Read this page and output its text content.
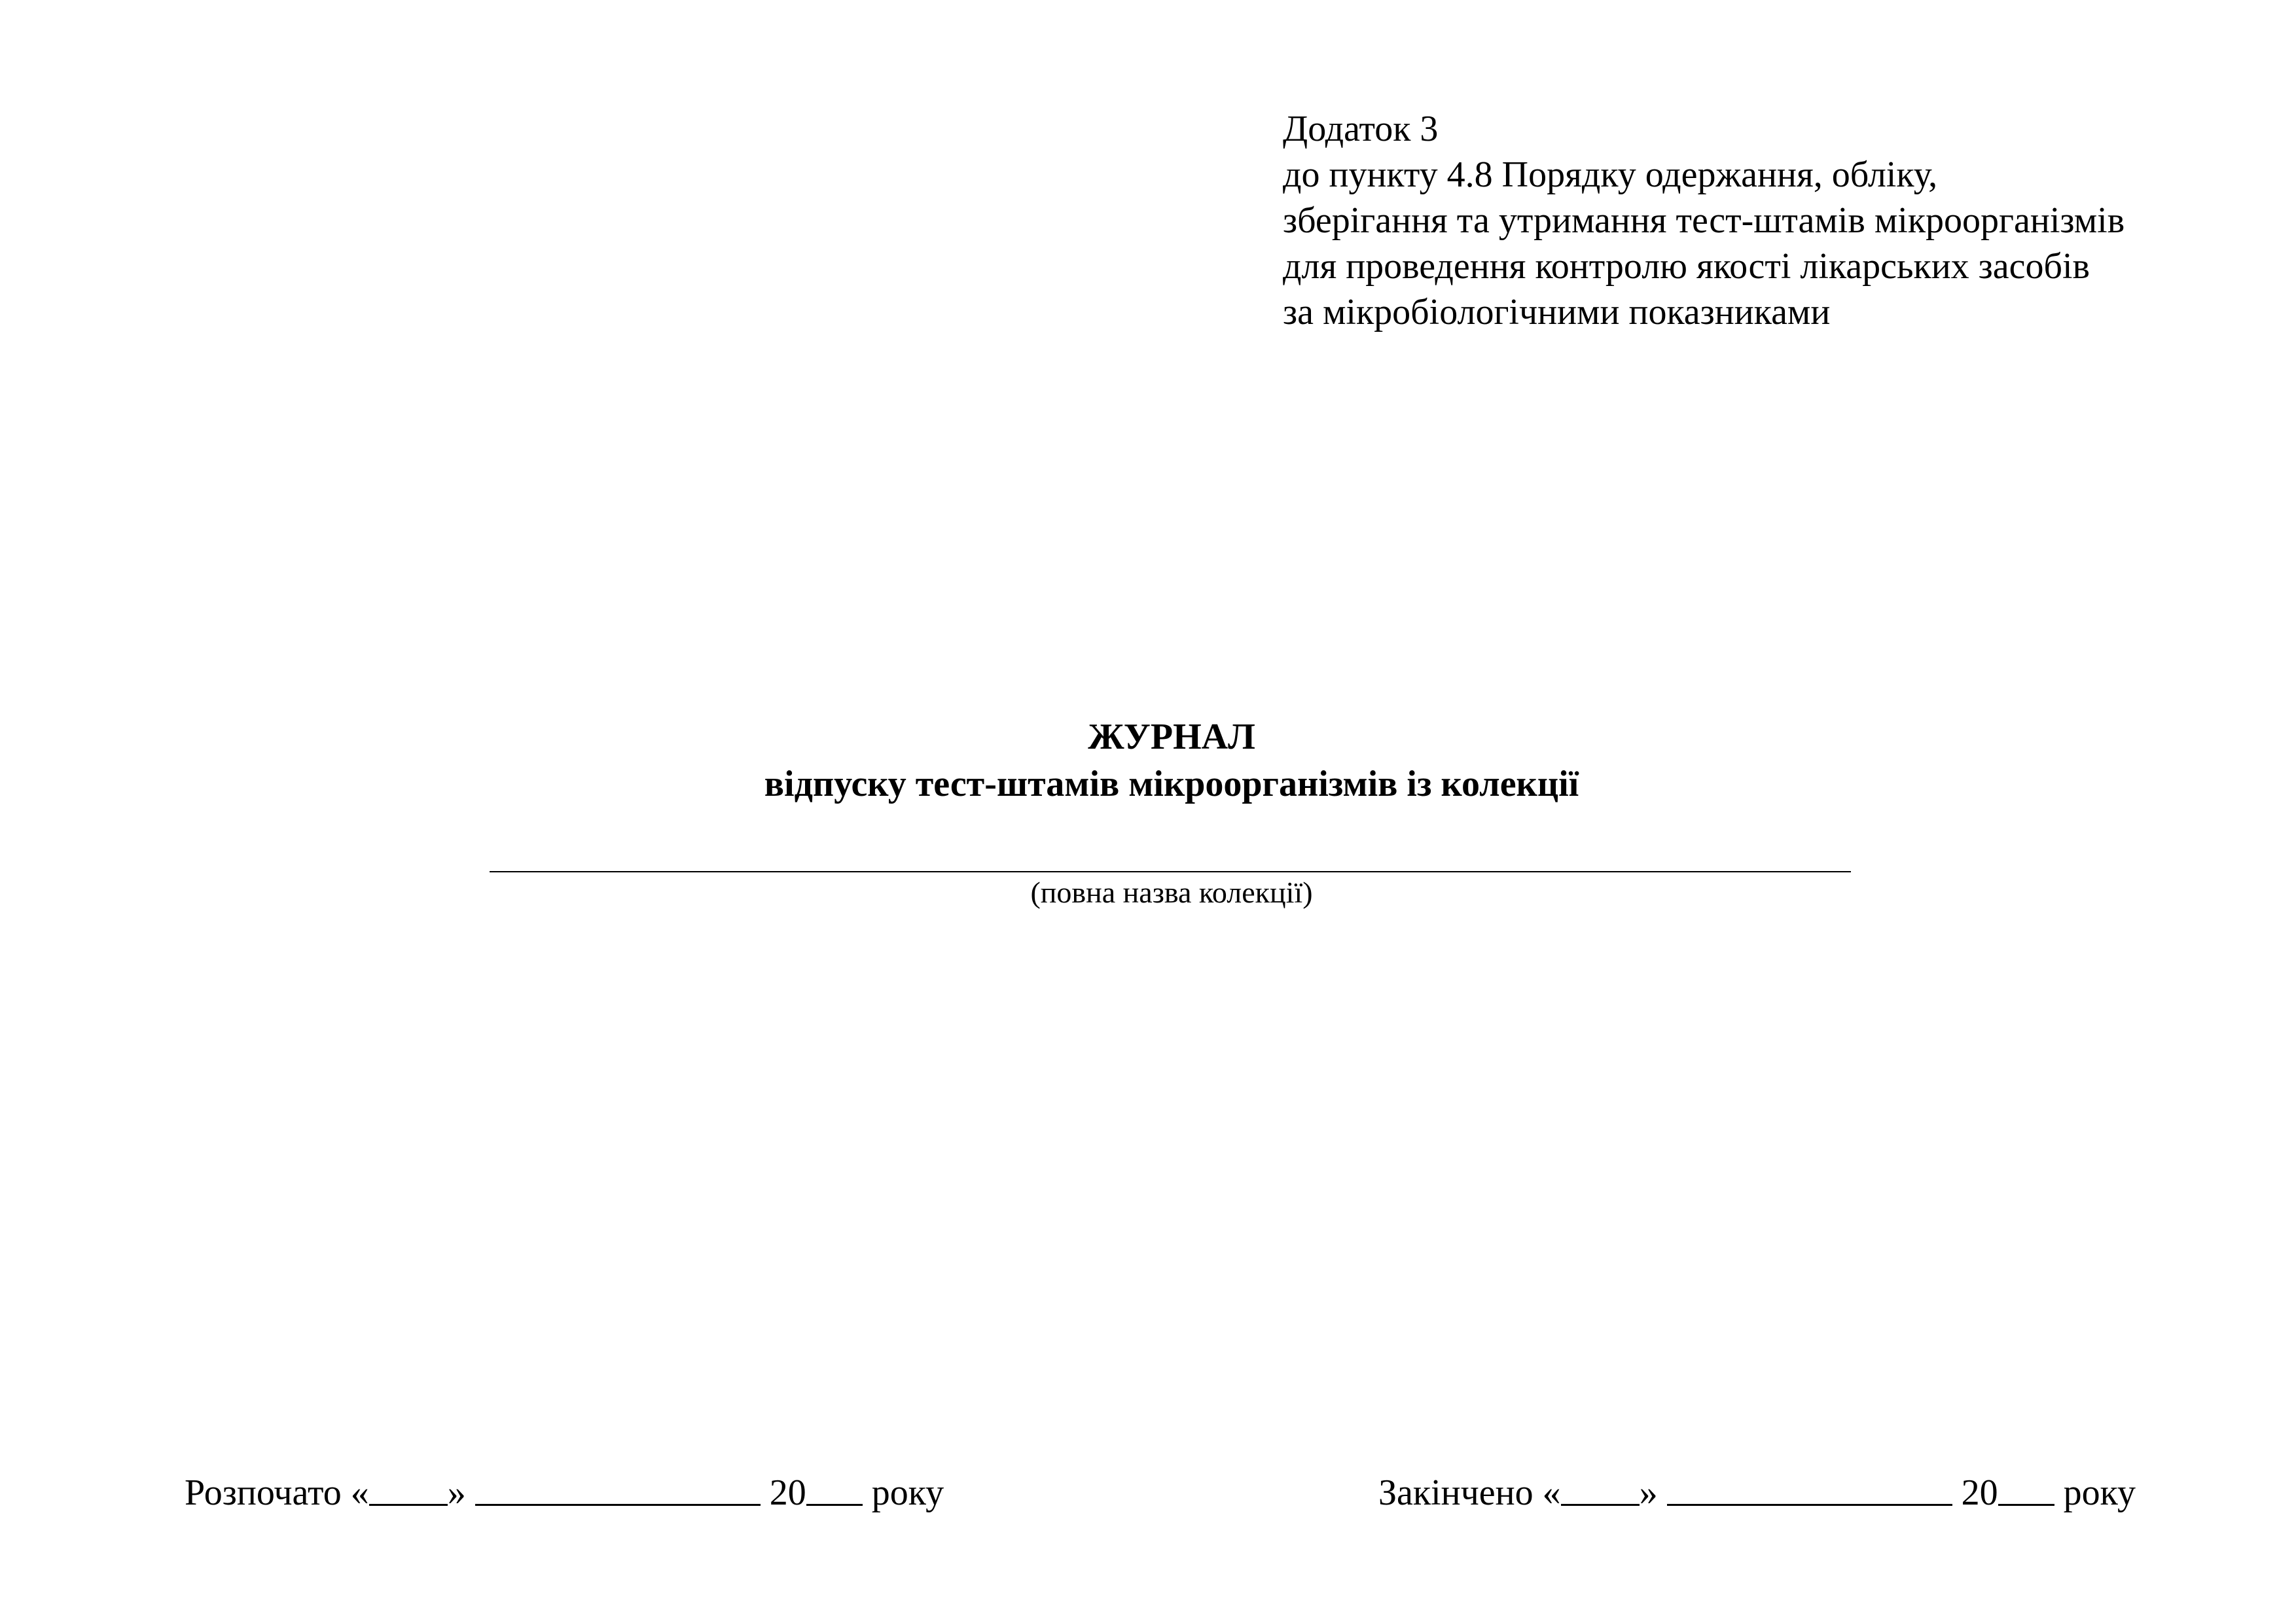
Додаток 3
до пункту 4.8 Порядку одержання, обліку,
зберігання та утримання тест-штамів мікроорганізмів
для проведення контролю якості лікарських засобів
за мікробіологічними показниками
ЖУРНАЛ
відпуску тест-штамів мікроорганізмів із колекції
(повна назва колекції)
Розпочато « »	20 року	Закінчено « »	20 року
